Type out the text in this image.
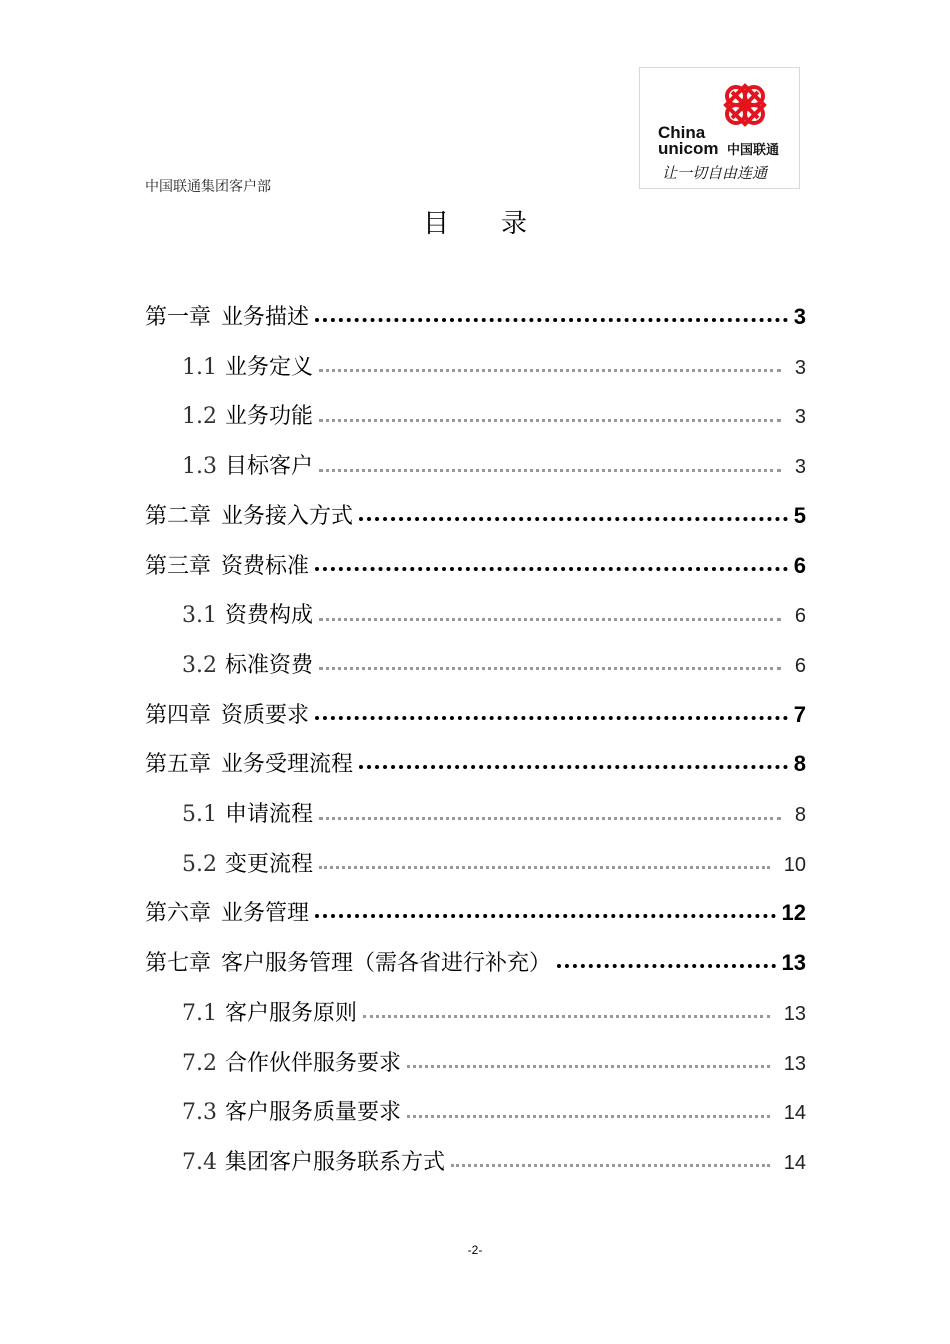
中国联通集团客户部
China
unicom 中国联通
让一切自由连通
目录
第一章 业务描述	3
1.1 业务定义	3
1.2 业务功能	3
1.3 目标客户	3
第二章 业务接入方式	5
第三章 资费标准	6
3.1 资费构成	6
3.2 标准资费	6
第四章 资质要求	7
第五章 业务受理流程	8
5.1 申请流程	8
5.2 变更流程	10
第六章 业务管理	12
第七章 客户服务管理（需各省进行补充）	13
7.1 客户服务原则	13
7.2 合作伙伴服务要求	13
7.3 客户服务质量要求	14
7.4 集团客户服务联系方式	14
-2-
